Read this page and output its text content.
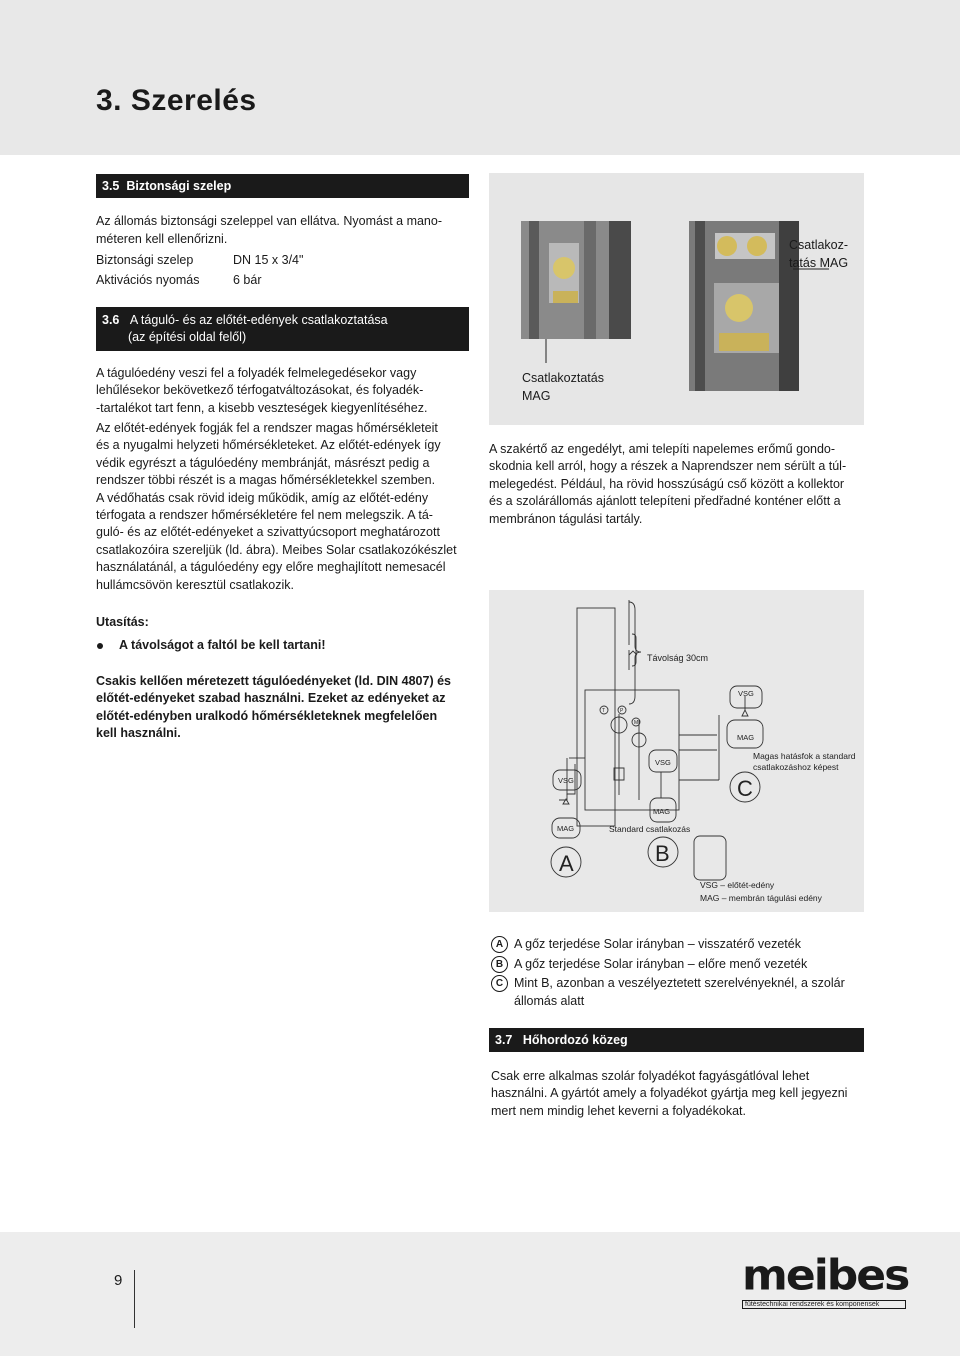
3. Szerelés
3.5 Biztonsági szelep
Az állomás biztonsági szeleppel van ellátva. Nyomást a mano-
méteren kell ellenőrizni.
Biztonsági szelep	DN 15 x 3/4"
Aktivációs nyomás	6 bár
3.6 A táguló- és az előtét-edények csatlakoztatása
(az építési oldal felől)
A tágulóedény veszi fel a folyadék felmelegedésekor vagy
lehűlésekor bekövetkező térfogatváltozásokat, és folyadék-
-tartalékot tart fenn, a kisebb veszteségek kiegyenlítéséhez.
Az előtét-edények fogják fel a rendszer magas hőmérsékleteit
és a nyugalmi helyzeti hőmérsékleteket. Az előtét-edények így
védik egyrészt a tágulóedény membránját, másrészt pedig a
rendszer többi részét is a magas hőmérsékletekkel szemben.
A védőhatás csak rövid ideig működik, amíg az előtét-edény
térfogata a rendszer hőmérsékletére fel nem melegszik. A tá-
guló- és az előtét-edényeket a szivattyúcsoport meghatározott
csatlakozóira szereljük (ld. ábra). Meibes Solar csatlakozókészlet
használatánál, a tágulóedény egy előre meghajlított nemesacél
hullámcsövön keresztül csatlakozik.
Utasítás:
A távolságot a faltól be kell tartani!
Csakis kellően méretezett tágulóedényeket (ld. DIN 4807) és
előtét-edényeket szabad használni. Ezeket az edényeket az
előtét-edényben uralkodó hőmérsékleteknek megfelelően
kell használni.
Csatlakoz-
tatás MAG
Csatlakoztatás
MAG
A szakértő az engedélyt, ami telepíti napelemes erőmű gondo-
skodnia kell arról, hogy a részek a Naprendszer nem sérült a túl-
melegedést. Például, ha rövid hosszúságú cső között a kollektor
és a szolárállomás ajánlott telepíteni předřadné konténer előtt a
membránon tágulási tartály.
Távolság 30cm
VSG
MAG
VSG
MAG
VSG
MAG
T	P
M
Magas hatásfok a standard
csatlakozáshoz képest
Standard csatlakozás
A	B
C
VSG – előtét-edény
MAG – membrán tágulási edény
A A gőz terjedése Solar irányban – visszatérő vezeték
B A gőz terjedése Solar irányban – előre menő vezeték
C Mint B, azonban a veszélyeztetett szerelvényeknél, a szolár
állomás alatt
3.7 Hőhordozó közeg
Csak erre alkalmas szolár folyadékot fagyásgátlóval lehet
használni. A gyártót amely a folyadékot gyártja meg kell jegyezni
mert nem mindig lehet keverni a folyadékokat.
9	meibes
fűtéstechnikai rendszerek és komponensek
